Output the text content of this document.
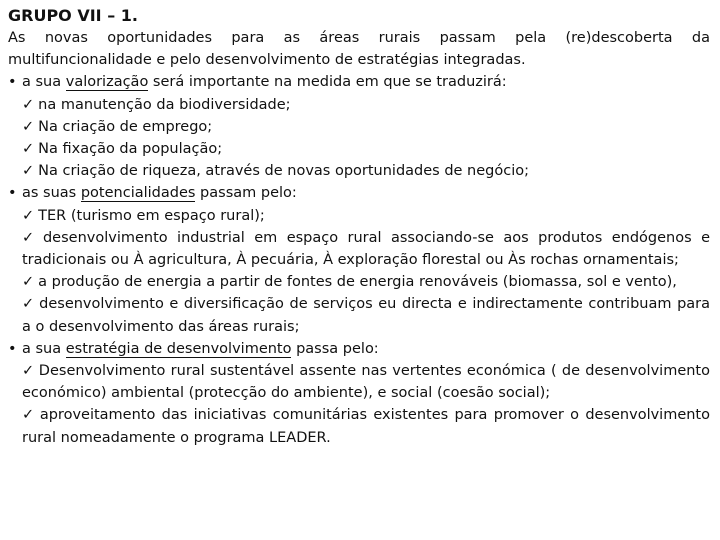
GRUPO VII – 1.

As novas oportunidades para as áreas rurais passam pela (re)descoberta da multifuncionalidade e pelo desenvolvimento de estratégias integradas.

• a sua valorização será importante na medida em que se traduzirá:

✓ na manutenção da biodiversidade;

✓ Na criação de emprego;

✓ Na fixação da população;

✓ Na criação de riqueza, através de novas oportunidades de negócio;

• as suas potencialidades passam pelo:

✓ TER (turismo em espaço rural);

✓ desenvolvimento industrial em espaço rural associando-se aos produtos endógenos e tradicionais ou À agricultura, À pecuária, À exploração florestal ou Às rochas ornamentais;

✓ a produção de energia a partir de fontes de energia renováveis (biomassa, sol e vento),

✓ desenvolvimento e diversificação de serviços eu directa e indirectamente contribuam para a o desenvolvimento das áreas rurais;

• a sua estratégia de desenvolvimento passa pelo:

✓ Desenvolvimento rural sustentável assente nas vertentes económica ( de desenvolvimento económico) ambiental (protecção do ambiente), e social (coesão social);

✓ aproveitamento das iniciativas comunitárias existentes para promover o desenvolvimento rural nomeadamente o programa LEADER.
